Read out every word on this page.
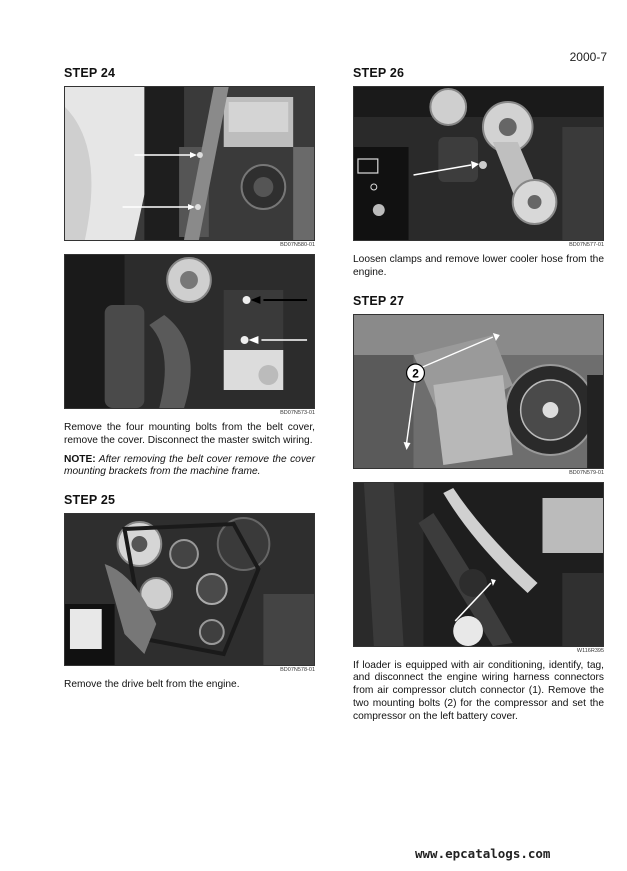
2000-7
STEP 24
BD07N580-01
BD07N573-01

Remove the four mounting bolts from the belt cover, remove the cover. Disconnect the master switch wiring.

NOTE: After removing the belt cover remove the cover mounting brackets from the machine frame.

STEP 25
BD07N578-01

Remove the drive belt from the engine.

STEP 26
BD07N577-01

Loosen clamps and remove lower cooler hose from the engine.

STEP 27
2
BD07N579-01
W116R395

If loader is equipped with air conditioning, identify, tag, and disconnect the engine wiring harness connectors from air compressor clutch connector (1). Remove the two mounting bolts (2) for the compressor and set the compressor on the left battery cover.

www.epcatalogs.com
